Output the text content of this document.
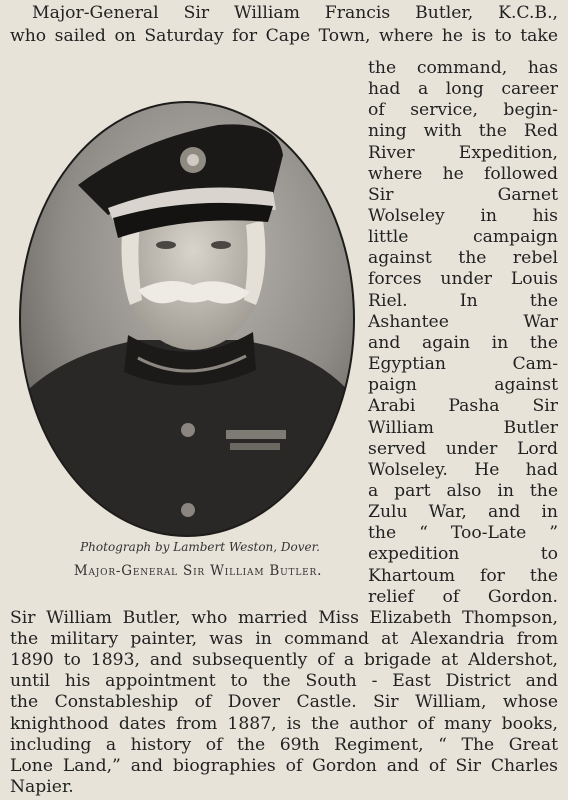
Major-General Sir William Francis Butler, K.C.B.,
who sailed on Saturday for Cape Town, where he is to take
the command, has
had a long career
of service, begin-
ning with the Red
River Expedition,
where he followed
Sir Garnet
Wolseley in his
little campaign
against the rebel
forces under Louis
Riel. In the
Ashantee War
and again in the
Egyptian Cam-
paign against
Arabi Pasha Sir
William Butler
served under Lord
Wolseley. He had
a part also in the
Zulu War, and in
the “ Too-Late ”
expedition to
Khartoum for the
relief of Gordon.
Sir William Butler, who married Miss Elizabeth Thompson,
the military painter, was in command at Alexandria from
1890 to 1893, and subsequently of a brigade at Aldershot,
until his appointment to the South - East District and
the Constableship of Dover Castle. Sir William, whose
knighthood dates from 1887, is the author of many books,
including a history of the 69th Regiment, “ The Great
Lone Land,” and biographies of Gordon and of Sir Charles
Napier.
Photograph by Lambert Weston, Dover.
Major-General Sir William Butler.
